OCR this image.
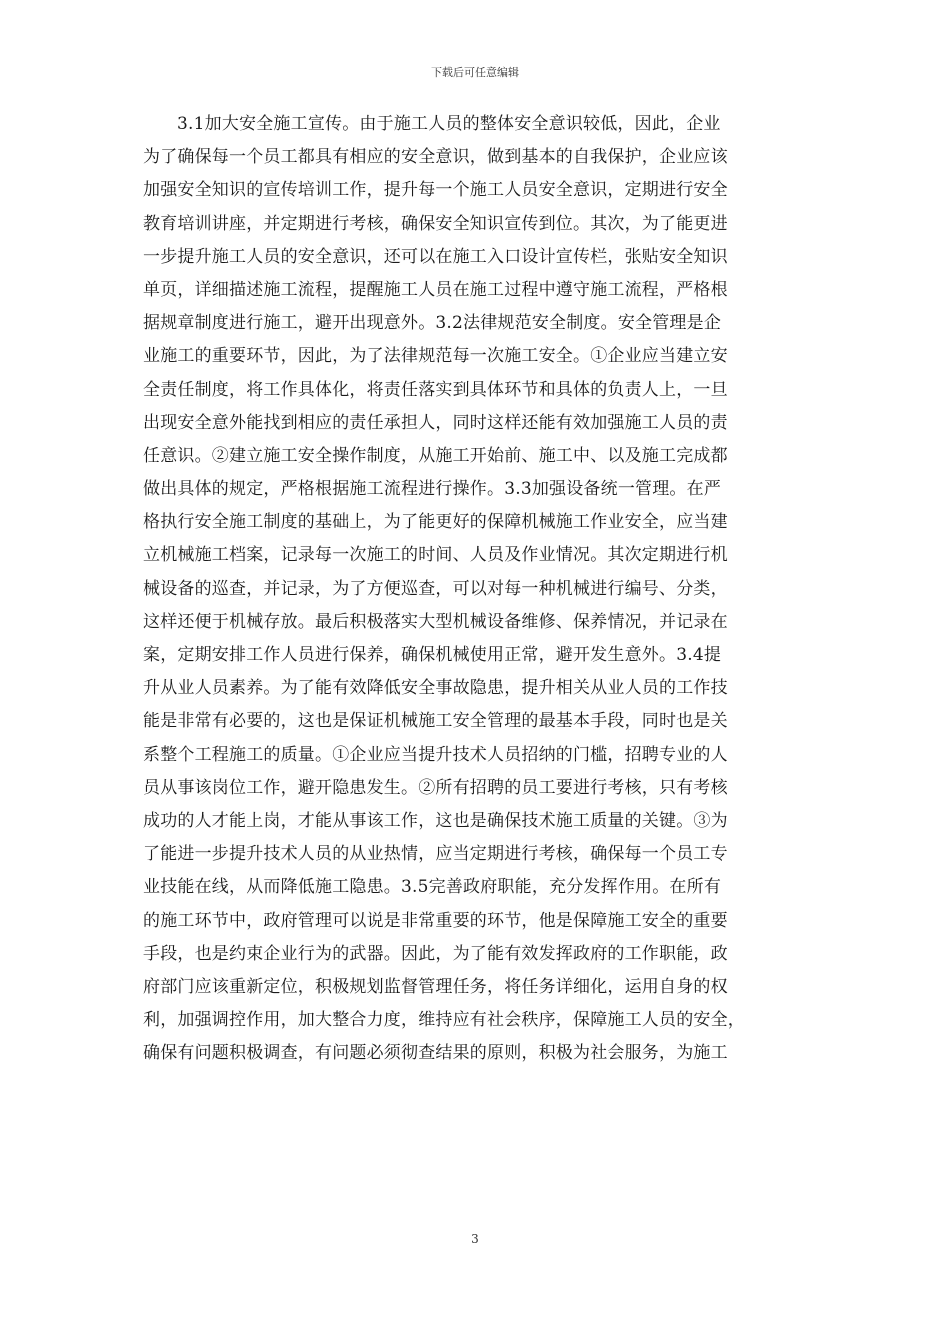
下载后可任意编辑
3.1加大安全施工宣传。由于施工人员的整体安全意识较低，因此，企业
为了确保每一个员工都具有相应的安全意识，做到基本的自我保护，企业应该
加强安全知识的宣传培训工作，提升每一个施工人员安全意识，定期进行安全
教育培训讲座，并定期进行考核，确保安全知识宣传到位。其次，为了能更进
一步提升施工人员的安全意识，还可以在施工入口设计宣传栏，张贴安全知识
单页，详细描述施工流程，提醒施工人员在施工过程中遵守施工流程，严格根
据规章制度进行施工，避开出现意外。3.2法律规范安全制度。安全管理是企
业施工的重要环节，因此，为了法律规范每一次施工安全。①企业应当建立安
全责任制度，将工作具体化，将责任落实到具体环节和具体的负责人上，一旦
出现安全意外能找到相应的责任承担人，同时这样还能有效加强施工人员的责
任意识。②建立施工安全操作制度，从施工开始前、施工中、以及施工完成都
做出具体的规定，严格根据施工流程进行操作。3.3加强设备统一管理。在严
格执行安全施工制度的基础上，为了能更好的保障机械施工作业安全，应当建
立机械施工档案，记录每一次施工的时间、人员及作业情况。其次定期进行机
械设备的巡查，并记录，为了方便巡查，可以对每一种机械进行编号、分类，
这样还便于机械存放。最后积极落实大型机械设备维修、保养情况，并记录在
案，定期安排工作人员进行保养，确保机械使用正常，避开发生意外。3.4提
升从业人员素养。为了能有效降低安全事故隐患，提升相关从业人员的工作技
能是非常有必要的，这也是保证机械施工安全管理的最基本手段，同时也是关
系整个工程施工的质量。①企业应当提升技术人员招纳的门槛，招聘专业的人
员从事该岗位工作，避开隐患发生。②所有招聘的员工要进行考核，只有考核
成功的人才能上岗，才能从事该工作，这也是确保技术施工质量的关键。③为
了能进一步提升技术人员的从业热情，应当定期进行考核，确保每一个员工专
业技能在线，从而降低施工隐患。3.5完善政府职能，充分发挥作用。在所有
的施工环节中，政府管理可以说是非常重要的环节，他是保障施工安全的重要
手段，也是约束企业行为的武器。因此，为了能有效发挥政府的工作职能，政
府部门应该重新定位，积极规划监督管理任务，将任务详细化，运用自身的权
利，加强调控作用，加大整合力度，维持应有社会秩序，保障施工人员的安全，
确保有问题积极调查，有问题必须彻查结果的原则，积极为社会服务，为施工
3
